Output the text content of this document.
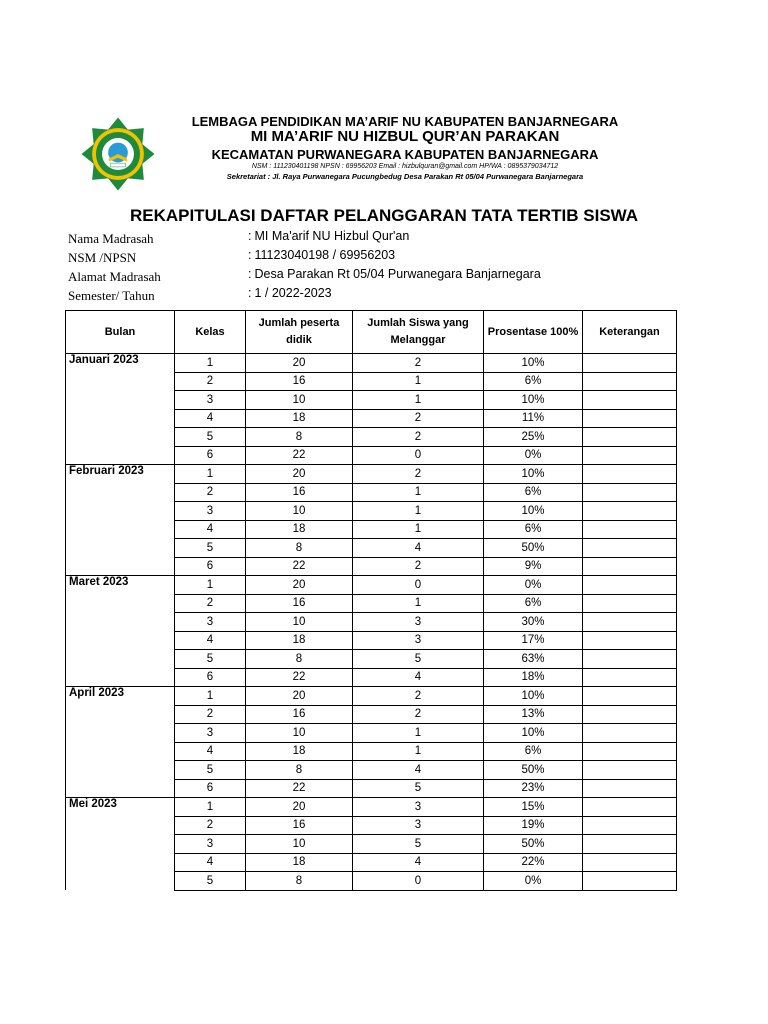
LEMBAGA PENDIDIKAN MA’ARIF NU KABUPATEN BANJARNEGARA
MI MA’ARIF NU HIZBUL QUR’AN PARAKAN
KECAMATAN PURWANEGARA KABUPATEN BANJARNEGARA
NSM : 111230401198 NPSN : 69956203 Email : hizbulquran@gmail.com HP/WA : 0895379034712
Sekretariat : Jl. Raya Purwanegara Pucungbedug Desa Parakan Rt 05/04 Purwanegara Banjarnegara
REKAPITULASI DAFTAR PELANGGARAN TATA TERTIB SISWA
Nama Madrasah	: MI Ma'arif NU Hizbul Qur'an
NSM /NPSN	: 11123040198 / 69956203
Alamat Madrasah	: Desa Parakan Rt 05/04 Purwanegara Banjarnegara
Semester/ Tahun	: 1 / 2022-2023
Bulan	Kelas	Jumlah peserta didik	Jumlah Siswa yang Melanggar	Prosentase 100%	Keterangan
Januari 2023	1	20	2	10%	
	2	16	1	6%	
	3	10	1	10%	
	4	18	2	11%	
	5	8	2	25%	
	6	22	0	0%	
Februari 2023	1	20	2	10%	
	2	16	1	6%	
	3	10	1	10%	
	4	18	1	6%	
	5	8	4	50%	
	6	22	2	9%	
Maret 2023	1	20	0	0%	
	2	16	1	6%	
	3	10	3	30%	
	4	18	3	17%	
	5	8	5	63%	
	6	22	4	18%	
April 2023	1	20	2	10%	
	2	16	2	13%	
	3	10	1	10%	
	4	18	1	6%	
	5	8	4	50%	
	6	22	5	23%	
Mei 2023	1	20	3	15%	
	2	16	3	19%	
	3	10	5	50%	
	4	18	4	22%	
	5	8	0	0%	
